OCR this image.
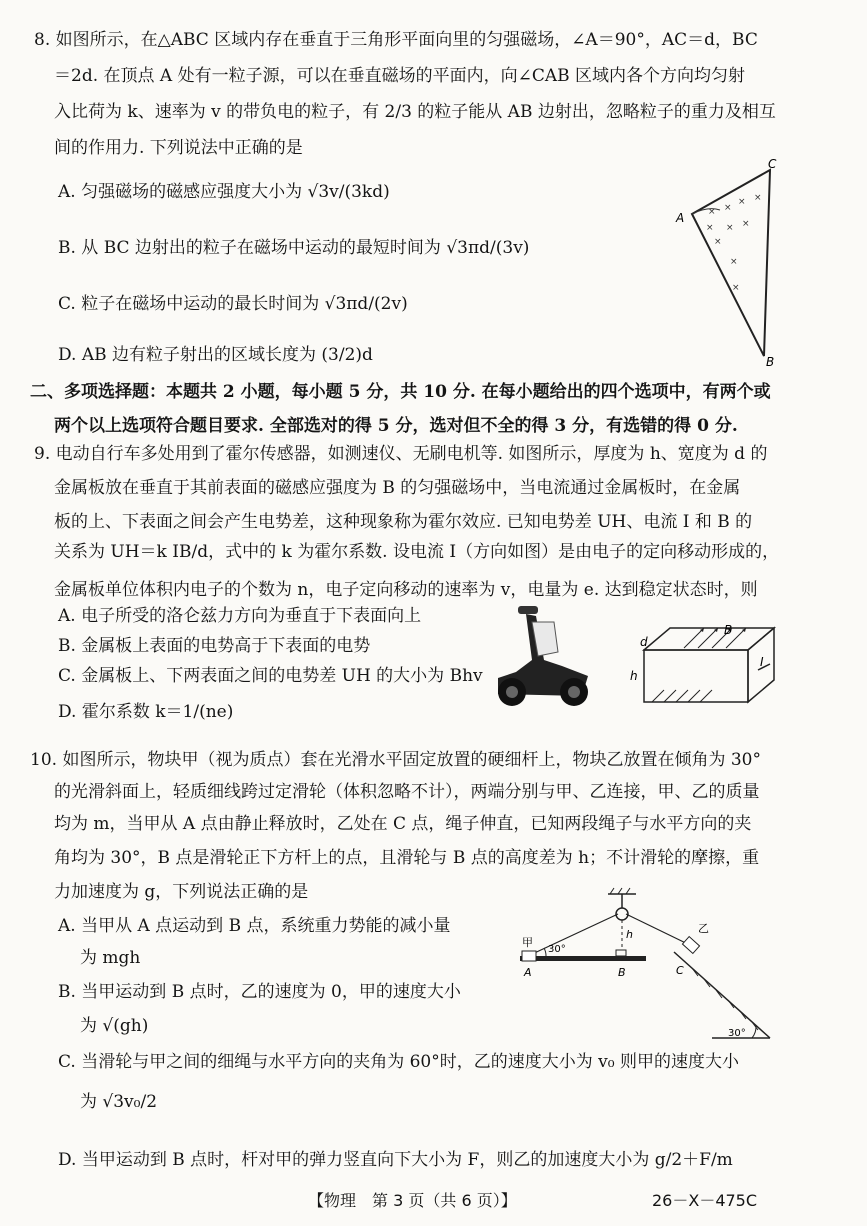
8. 如图所示，在△ABC 区域内存在垂直于三角形平面向里的匀强磁场，∠A＝90°，AC＝d，BC
＝2d. 在顶点 A 处有一粒子源，可以在垂直磁场的平面内，向∠CAB 区域内各个方向均匀射
入比荷为 k、速率为 v 的带负电的粒子，有 2/3 的粒子能从 AB 边射出，忽略粒子的重力及相互
间的作用力. 下列说法中正确的是
A. 匀强磁场的磁感应强度大小为 √3v/(3kd)
B. 从 BC 边射出的粒子在磁场中运动的最短时间为 √3πd/(3v)
C. 粒子在磁场中运动的最长时间为 √3πd/(2v)
D. AB 边有粒子射出的区域长度为 (3/2)d
× ×
× ×
× × ×
×
×
×
A
C
B
二、多项选择题：本题共 2 小题，每小题 5 分，共 10 分. 在每小题给出的四个选项中，有两个或
两个以上选项符合题目要求. 全部选对的得 5 分，选对但不全的得 3 分，有选错的得 0 分.
9. 电动自行车多处用到了霍尔传感器，如测速仪、无刷电机等. 如图所示，厚度为 h、宽度为 d 的
金属板放在垂直于其前表面的磁感应强度为 B 的匀强磁场中，当电流通过金属板时，在金属
板的上、下表面之间会产生电势差，这种现象称为霍尔效应. 已知电势差 UH、电流 I 和 B 的
关系为 UH＝k IB/d，式中的 k 为霍尔系数. 设电流 I（方向如图）是由电子的定向移动形成的，
金属板单位体积内电子的个数为 n，电子定向移动的速率为 v，电量为 e. 达到稳定状态时，则
A. 电子所受的洛仑兹力方向为垂直于下表面向上
B. 金属板上表面的电势高于下表面的电势
C. 金属板上、下两表面之间的电势差 UH 的大小为 Bhv
D. 霍尔系数 k＝1/(ne)
d
h
B
I
10. 如图所示，物块甲（视为质点）套在光滑水平固定放置的硬细杆上，物块乙放置在倾角为 30°
的光滑斜面上，轻质细线跨过定滑轮（体积忽略不计），两端分别与甲、乙连接，甲、乙的质量
均为 m，当甲从 A 点由静止释放时，乙处在 C 点，绳子伸直，已知两段绳子与水平方向的夹
角均为 30°，B 点是滑轮正下方杆上的点，且滑轮与 B 点的高度差为 h；不计滑轮的摩擦，重
力加速度为 g，下列说法正确的是
A. 当甲从 A 点运动到 B 点，系统重力势能的减小量
为 mgh
B. 当甲运动到 B 点时，乙的速度为 0，甲的速度大小
为 √(gh)
C. 当滑轮与甲之间的细绳与水平方向的夹角为 60°时，乙的速度大小为 v₀ 则甲的速度大小
为 √3v₀/2
D. 当甲运动到 B 点时，杆对甲的弹力竖直向下大小为 F，则乙的加速度大小为 g/2＋F/m
甲
30°
h
A	B	C
乙
30°
【物理　第 3 页（共 6 页）】	26－X－475C
